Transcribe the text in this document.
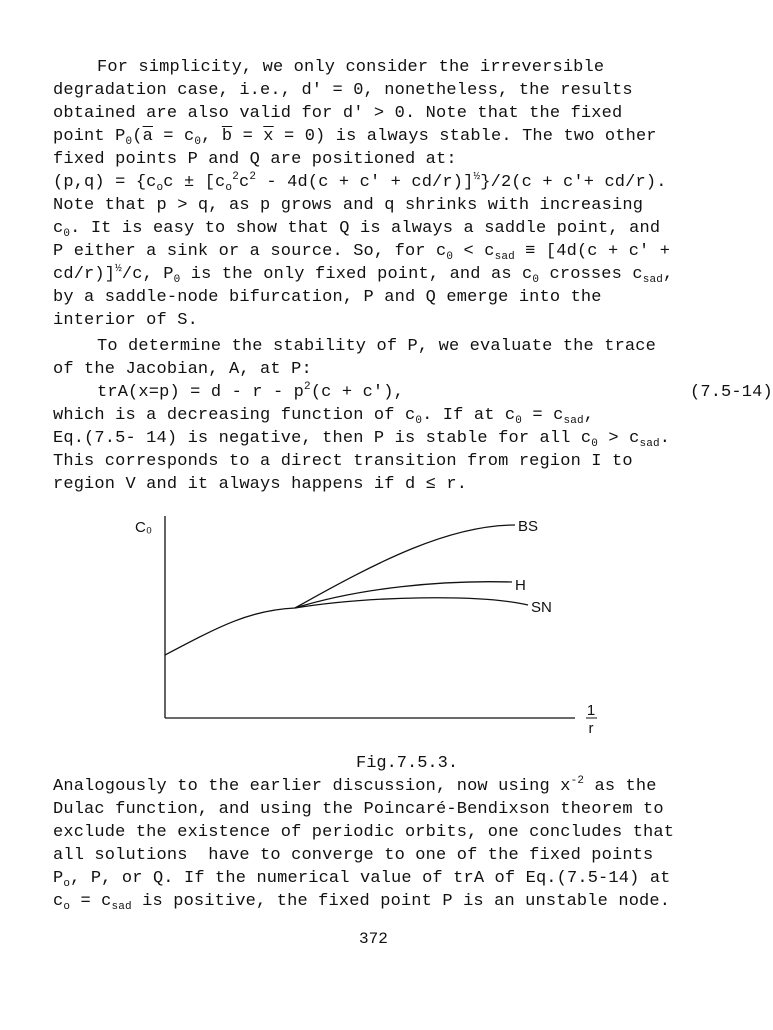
For simplicity, we only consider the irreversible
degradation case, i.e., d' = 0, nonetheless, the results
obtained are also valid for d' > 0. Note that the fixed
point $P_0(\overline{a} = c_0$, $\overline{b} = \overline{x} = 0$) is always stable. The two other
fixed points P and Q are positioned at:
$(p,q) = \{c_oc \pm [c_o^2c^2 - 4d(c + c' + cd/r)]^{\frac{1}{2}}\}/2(c + c'+ cd/r)$.
Note that p > q, as p grows and q shrinks with increasing
$c_0$. It is easy to show that Q is always a saddle point, and
P either a sink or a source. So, for $c_0 < c_{sad} \equiv [4d(c + c'$ +
cd/r)]$^{\frac{1}{2}}$/c, $P_0$ is the only fixed point, and as $c_0$ crosses $c_{sad}$,
by a saddle-node bifurcation, P and Q emerge into the
interior of S.
To determine the stability of P, we evaluate the trace
of the Jacobian, A, at P:
$trA(x=p) = d - r - p^2(c + c')$,	(7.5-14)
which is a decreasing function of $c_0$. If at $c_0 = c_{sad}$,
Eq.(7.5- 14) is negative, then P is stable for all $c_0 > c_{sad}$.
This corresponds to a direct transition from region I to
region V and it always happens if d ≤ r.
C₀
1
r
BS
H
SN
Fig.7.5.3.
Analogously to the earlier discussion, now using $x^{-2}$ as the
Dulac function, and using the Poincaré-Bendixson theorem to
exclude the existence of periodic orbits, one concludes that
all solutions  have to converge to one of the fixed points
$P_o$, P, or Q. If the numerical value of trA of Eq.(7.5-14) at
$c_o = c_{sad}$ is positive, the fixed point P is an unstable node.
372
